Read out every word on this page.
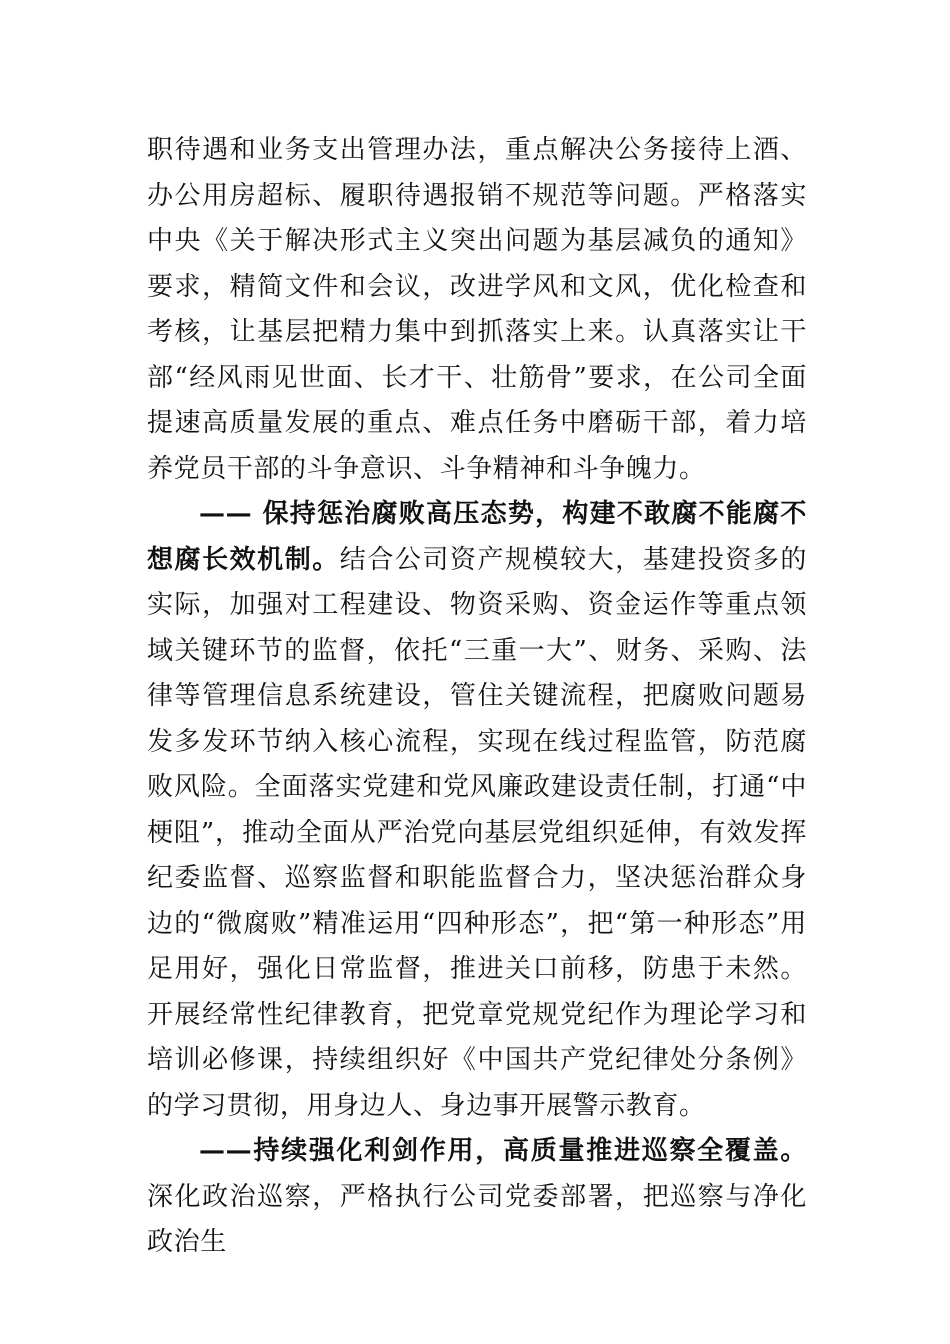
职待遇和业务支出管理办法，重点解决公务接待上酒、办公用房超标、履职待遇报销不规范等问题。严格落实中央《关于解决形式主义突出问题为基层减负的通知》要求，精简文件和会议，改进学风和文风，优化检查和考核，让基层把精力集中到抓落实上来。认真落实让干部“经风雨见世面、长才干、壮筋骨”要求，在公司全面提速高质量发展的重点、难点任务中磨砺干部，着力培养党员干部的斗争意识、斗争精神和斗争魄力。

—— 保持惩治腐败高压态势，构建不敢腐不能腐不想腐长效机制。结合公司资产规模较大，基建投资多的实际，加强对工程建设、物资采购、资金运作等重点领域关键环节的监督，依托“三重一大”、财务、采购、法律等管理信息系统建设，管住关键流程，把腐败问题易发多发环节纳入核心流程，实现在线过程监管，防范腐败风险。全面落实党建和党风廉政建设责任制，打通“中梗阻”，推动全面从严治党向基层党组织延伸，有效发挥纪委监督、巡察监督和职能监督合力，坚决惩治群众身边的“微腐败”精准运用“四种形态”，把“第一种形态”用足用好，强化日常监督，推进关口前移，防患于未然。开展经常性纪律教育，把党章党规党纪作为理论学习和培训必修课，持续组织好《中国共产党纪律处分条例》的学习贯彻，用身边人、身边事开展警示教育。

——持续强化利剑作用，高质量推进巡察全覆盖。深化政治巡察，严格执行公司党委部署，把巡察与净化政治生
